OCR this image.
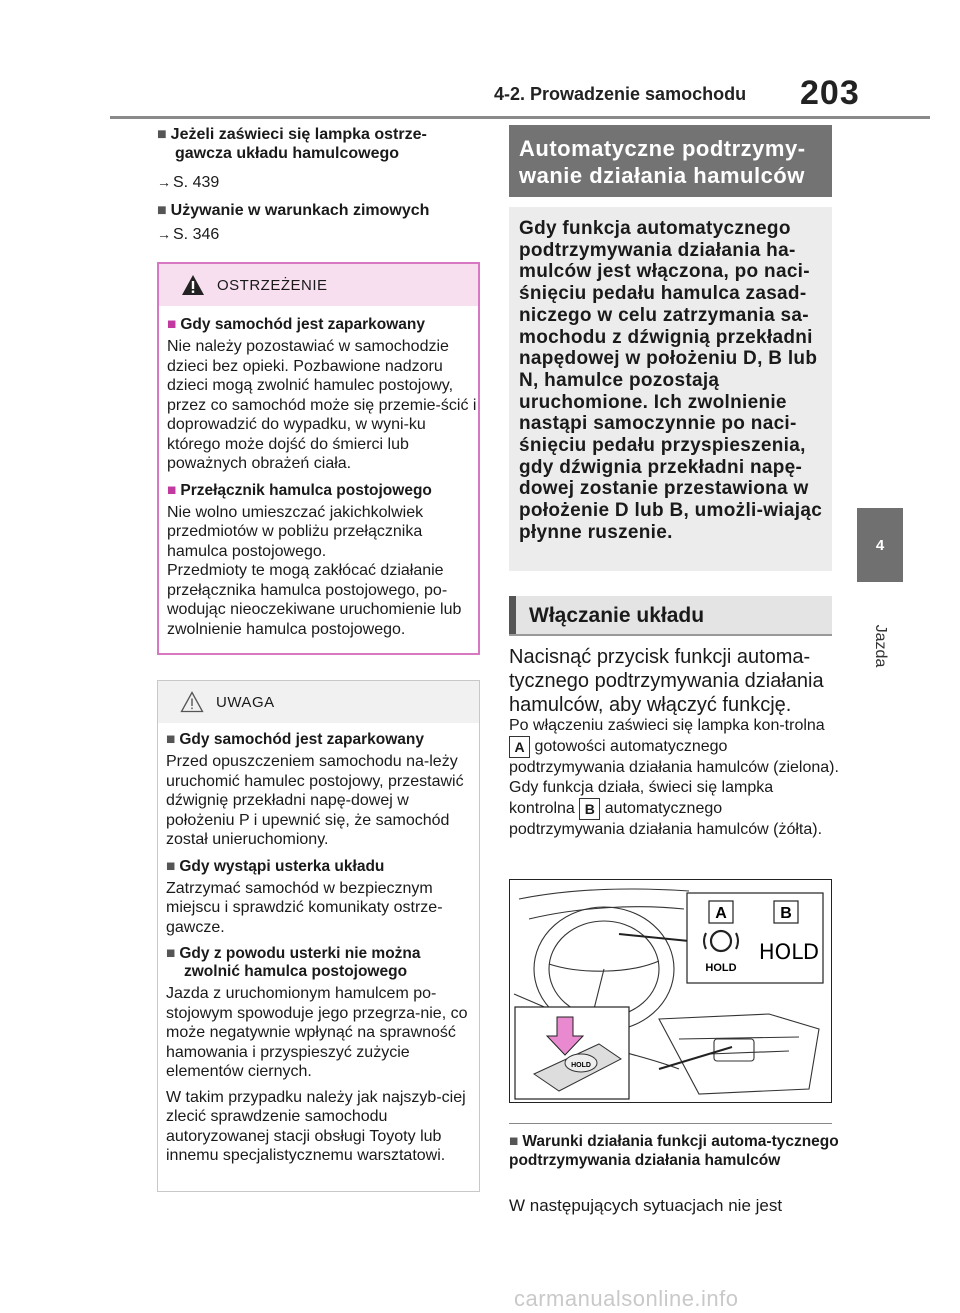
4-2. Prowadzenie samochodu 203
4
Jazda
■ Jeżeli zaświeci się lampka ostrze-
gawcza układu hamulcowego
→ S. 439
■ Używanie w warunkach zimowych
→ S. 346
OSTRZEŻENIE
■ Gdy samochód jest zaparkowany

Nie należy pozostawiać w samochodzie dzieci bez opieki. Pozbawione nadzoru dzieci mogą zwolnić hamulec postojowy, przez co samochód może się przemie-ścić i doprowadzić do wypadku, w wyni-ku którego może dojść do śmierci lub poważnych obrażeń ciała.

■ Przełącznik hamulca postojowego

Nie wolno umieszczać jakichkolwiek przedmiotów w pobliżu przełącznika hamulca postojowego.

Przedmioty te mogą zakłócać działanie przełącznika hamulca postojowego, po-wodując nieoczekiwane uruchomienie lub zwolnienie hamulca postojowego.

UWAGA
■ Gdy samochód jest zaparkowany

Przed opuszczeniem samochodu na-leży uruchomić hamulec postojowy, przestawić dźwignię przekładni napę-dowej w położeniu P i upewnić się, że samochód został unieruchomiony.

■ Gdy wystąpi usterka układu

Zatrzymać samochód w bezpiecznym miejscu i sprawdzić komunikaty ostrze-gawcze.

■ Gdy z powodu usterki nie można
zwolnić hamulca postojowego

Jazda z uruchomionym hamulcem po-stojowym spowoduje jego przegrza-nie, co może negatywnie wpłynąć na sprawność hamowania i przyspieszyć zużycie elementów ciernych.

W takim przypadku należy jak najszyb-ciej zlecić sprawdzenie samochodu autoryzowanej stacji obsługi Toyoty lub innemu specjalistycznemu warsztatowi.

Automatyczne podtrzymy-
wanie działania hamulców
Gdy funkcja automatycznego podtrzymywania działania ha-mulców jest włączona, po naci-śnięciu pedału hamulca zasad-niczego w celu zatrzymania sa-mochodu z dźwignią przekładni napędowej w położeniu D, B lub N, hamulce pozostają uruchomione. Ich zwolnienie nastąpi samoczynnie po naci-śnięciu pedału przyspieszenia, gdy dźwignia przekładni napę-dowej zostanie przestawiona w położenie D lub B, umożli-wiając płynne ruszenie.
Włączanie układu
Nacisnąć przycisk funkcji automa-tycznego podtrzymywania działania hamulców, aby włączyć funkcję.
Po włączeniu zaświeci się lampka kon-trolna A gotowości automatycznego podtrzymywania działania hamulców (zielona). Gdy funkcja działa, świeci się lampka kontrolna B automatycznego podtrzymywania działania hamulców (żółta).
A	B
HOLD
HOLD
HOLD
■ Warunki działania funkcji automa-tycznego podtrzymywania działania hamulców
W następujących sytuacjach nie jest
carmanualsonline.info
